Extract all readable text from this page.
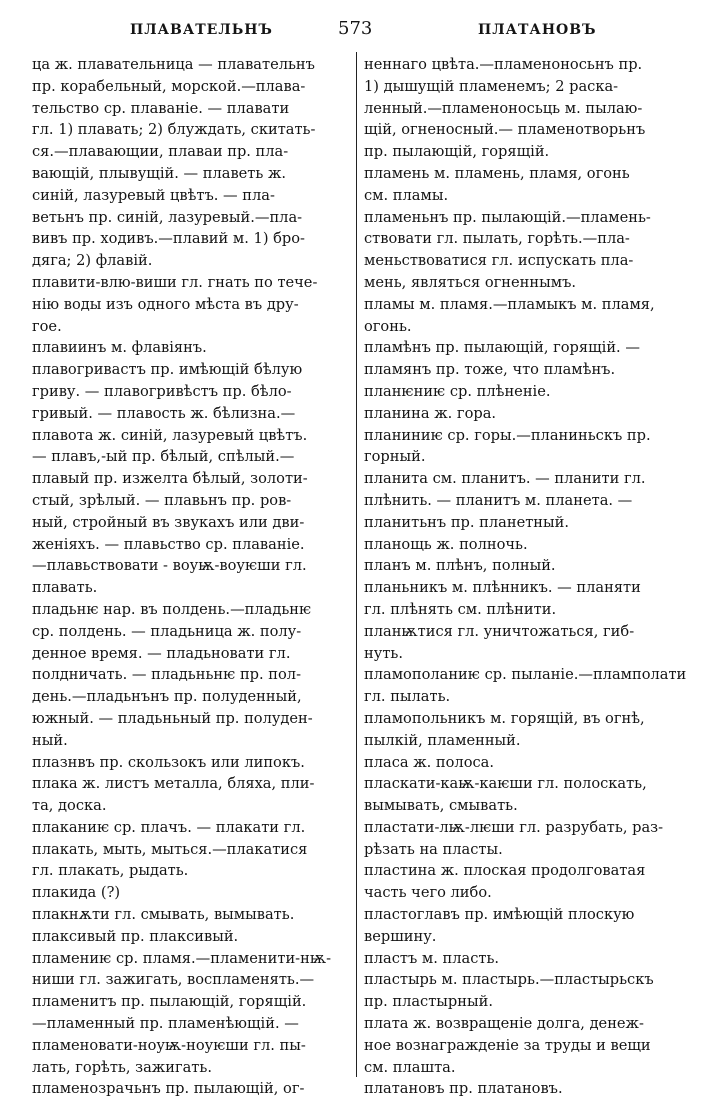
ПЛАВАТЕЛЬНЪ	573	ПЛАТАНОВЪ
ца ж. плавательница — плавательнъ
пр. корабельный, морской.—плава-
тельство ср. плаваніе. — плавати
гл. 1) плавать; 2) блуждать, скитать-
ся.—плавающии, плаваи пр. пла-
вающій, плывущій. — плаветь ж.
синій, лазуревый цвѣтъ. — пла-
ветьнъ пр. синій, лазуревый.—пла-
вивъ пр. ходивъ.—плавий м. 1) бро-
дяга; 2) флавій.
плавити-влю-виши гл. гнать по тече-
нію воды изъ одного мѣста въ дру-
гое.
плавиинъ м. флавіянъ.
плавогривастъ пр. имѣющій бѣлую
гриву. — плавогривѣстъ пр. бѣло-
гривый. — плавость ж. бѣлизна.—
плавота ж. синій, лазуревый цвѣтъ.
— плавъ,-ый пр. бѣлый, спѣлый.—
плавый пр. изжелта бѣлый, золоти-
стый, зрѣлый. — плавьнъ пр. ров-
ный, стройный въ звукахъ или дви-
женіяхъ. — плавьство ср. плаваніе.
—плавьствовати - воуѭ-воуѥши гл.
плавать.
пладьнѥ нар. въ полдень.—пладьнѥ
ср. полдень. — пладьница ж. полу-
денное время. — пладьновати гл.
полдничать. — пладьньнѥ пр. пол-
день.—пладьнънъ пр. полуденный,
южный. — пладьньный пр. полуден-
ный.
плазнвъ пр. скользокъ или липокъ.
плака ж. листъ металла, бляха, пли-
та, доска.
плаканиѥ ср. плачъ. — плакати гл.
плакать, мыть, мыться.—плакатися
гл. плакать, рыдать.
плакида (?)
плакнѫти гл. смывать, вымывать.
плаксивый пр. плаксивый.
пламениѥ ср. пламя.—пламенити-нѭ-
ниши гл. зажигать, воспламенять.—
пламенитъ пр. пылающій, горящій.
—пламенный пр. пламенѣющій. —
пламеновати-ноуѭ-ноуѥши гл. пы-
лать, горѣть, зажигать.
пламенозрачьнъ пр. пылающій, ог-
неннаго цвѣта.—пламеноносьнъ пр.
1) дышущій пламенемъ; 2 раска-
ленный.—пламеноносьць м. пылаю-
щій, огненосный.— пламенотворьнъ
пр. пылающій, горящій.
пламень м. пламень, пламя, огонь
см. пламы.
пламеньнъ пр. пылающій.—пламень-
ствовати гл. пылать, горѣть.—пла-
меньствоватися гл. испускать пла-
мень, являться огненнымъ.
пламы м. пламя.—пламыкъ м. пламя,
огонь.
пламѣнъ пр. пылающій, горящій. —
пламянъ пр. тоже, что пламѣнъ.
планѥниѥ ср. плѣненіе.
планина ж. гора.
планиниѥ ср. горы.—планиньскъ пр.
горный.
планита см. планитъ. — планити гл.
плѣнить. — планитъ м. планета. —
планитьнъ пр. планетный.
планощь ж. полночь.
планъ м. плѣнъ, полный.
планьникъ м. плѣнникъ. — планяти
гл. плѣнять см. плѣнити.
планѭтися гл. уничтожаться, гиб-
нуть.
пламополаниѥ ср. пыланіе.—пламполати
гл. пылать.
пламопольникъ м. горящій, въ огнѣ,
пылкій, пламенный.
пласа ж. полоса.
пласкати-каѭ-каѥши гл. полоскать,
вымывать, смывать.
пластати-лѭ-лѥши гл. разрубать, раз-
рѣзать на пласты.
пластина ж. плоская продолговатая
часть чего либо.
пластоглавъ пр. имѣющій плоскую
вершину.
пластъ м. пласть.
пластырь м. пластырь.—пластырьскъ
пр. пластырный.
плата ж. возвращеніе долга, денеж-
ное вознагражденіе за труды и вещи
см. плашта.
платановъ пр. платановъ.
